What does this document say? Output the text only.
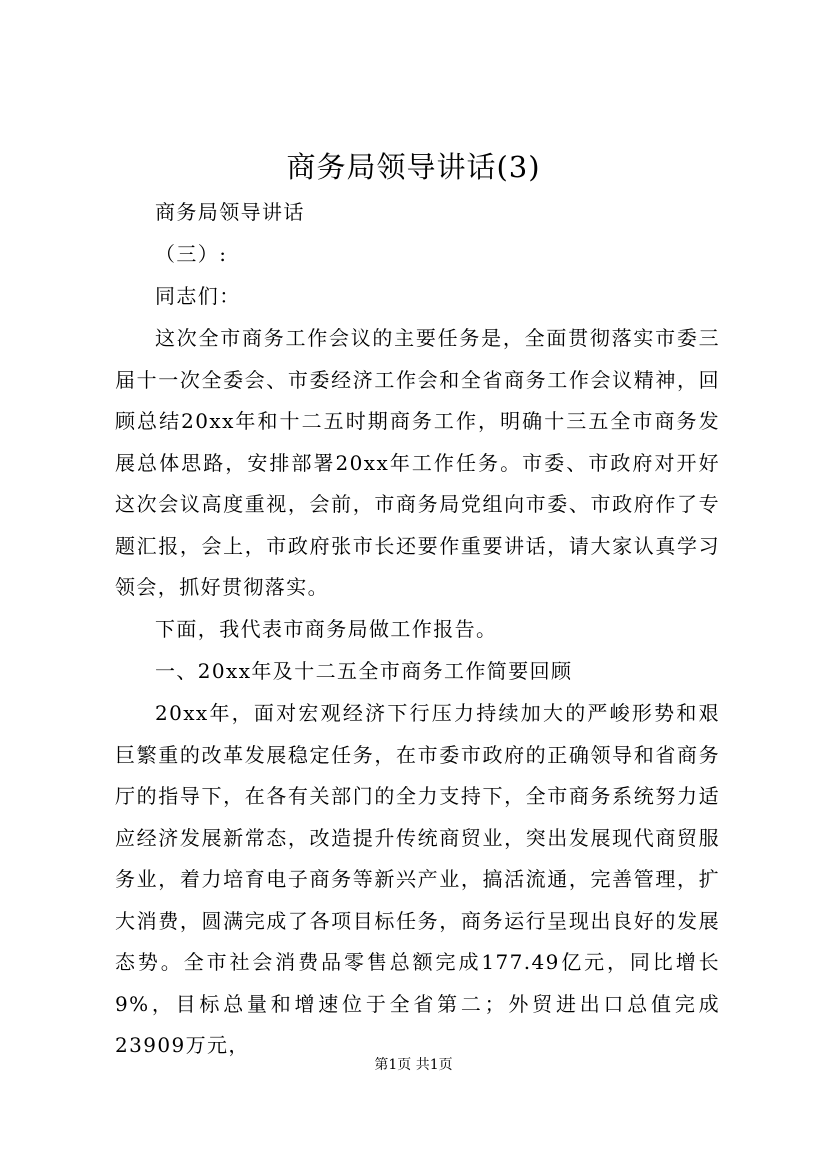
商务局领导讲话(3)

商务局领导讲话

（三）:

同志们：

这次全市商务工作会议的主要任务是，全面贯彻落实市委三届十一次全委会、市委经济工作会和全省商务工作会议精神，回顾总结20xx年和十二五时期商务工作，明确十三五全市商务发展总体思路，安排部署20xx年工作任务。市委、市政府对开好这次会议高度重视，会前，市商务局党组向市委、市政府作了专题汇报，会上，市政府张市长还要作重要讲话，请大家认真学习领会，抓好贯彻落实。

下面，我代表市商务局做工作报告。

一、20xx年及十二五全市商务工作简要回顾

20xx年，面对宏观经济下行压力持续加大的严峻形势和艰巨繁重的改革发展稳定任务，在市委市政府的正确领导和省商务厅的指导下，在各有关部门的全力支持下，全市商务系统努力适应经济发展新常态，改造提升传统商贸业，突出发展现代商贸服务业，着力培育电子商务等新兴产业，搞活流通，完善管理，扩大消费，圆满完成了各项目标任务，商务运行呈现出良好的发展态势。全市社会消费品零售总额完成177.49亿元，同比增长9%，目标总量和增速位于全省第二；外贸进出口总值完成23909万元，

第1页 共1页
